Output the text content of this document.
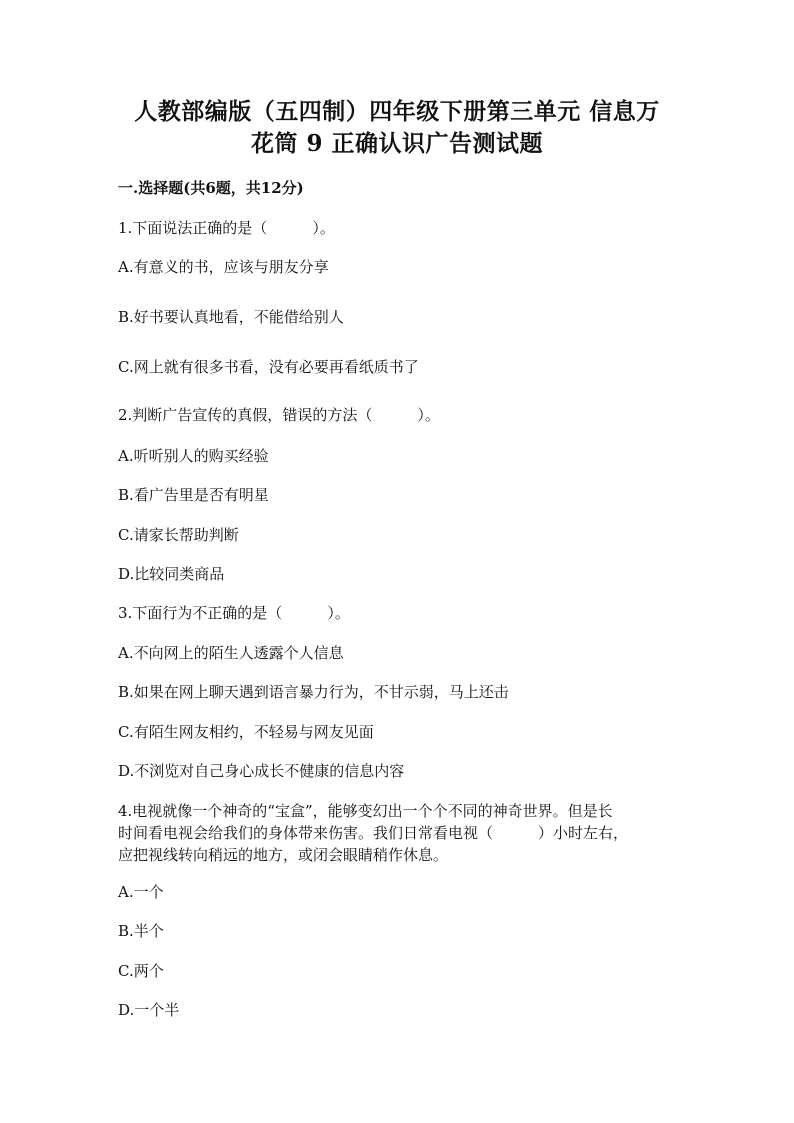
人教部编版（五四制）四年级下册第三单元 信息万
花筒 9 正确认识广告测试题
一.选择题(共6题，共12分)
1.下面说法正确的是（　　　）。
A.有意义的书，应该与朋友分享
B.好书要认真地看，不能借给别人
C.网上就有很多书看，没有必要再看纸质书了
2.判断广告宣传的真假，错误的方法（　　　）。
A.听听别人的购买经验
B.看广告里是否有明星
C.请家长帮助判断
D.比较同类商品
3.下面行为不正确的是（　　　）。
A.不向网上的陌生人透露个人信息
B.如果在网上聊天遇到语言暴力行为，不甘示弱，马上还击
C.有陌生网友相约，不轻易与网友见面
D.不浏览对自己身心成长不健康的信息内容
4.电视就像一个神奇的“宝盒”，能够变幻出一个个不同的神奇世界。但是长
时间看电视会给我们的身体带来伤害。我们日常看电视（　　　）小时左右，
应把视线转向稍远的地方，或闭会眼睛稍作休息。
A.一个
B.半个
C.两个
D.一个半
